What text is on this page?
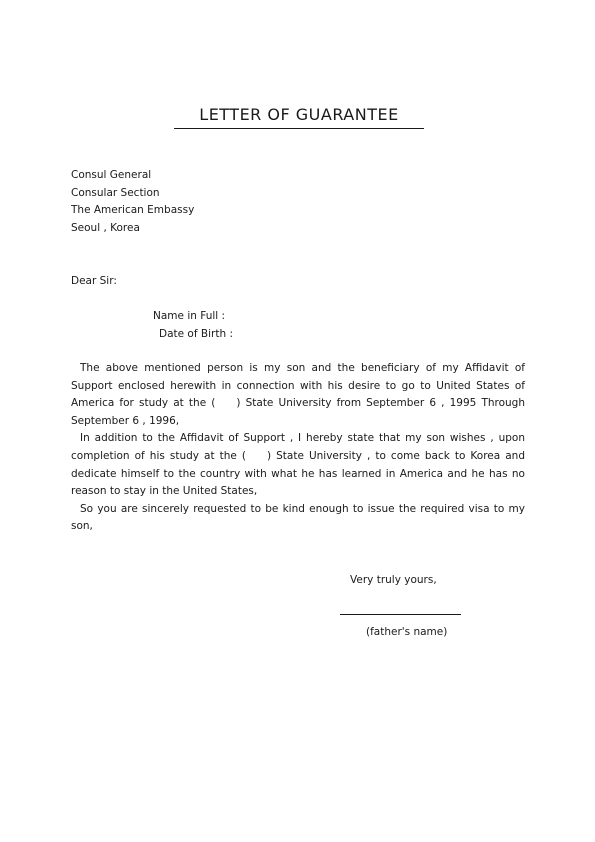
LETTER OF GUARANTEE
Consul General
Consular Section
The American Embassy
Seoul , Korea
Dear Sir:
Name in Full :
Date of Birth :

The above mentioned person is my son and the beneficiary of my Affidavit of Support enclosed herewith in connection with his desire to go to United States of America for study at the (  ) State University from September 6 , 1995 Through September 6 , 1996,

In addition to the Affidavit of Support , I hereby state that my son wishes , upon completion of his study at the (  ) State University , to come back to Korea and dedicate himself to the country with what he has learned in America and he has no reason to stay in the United States,

So you are sincerely requested to be kind enough to issue the required visa to my son,

Very truly yours,
(father's name)
